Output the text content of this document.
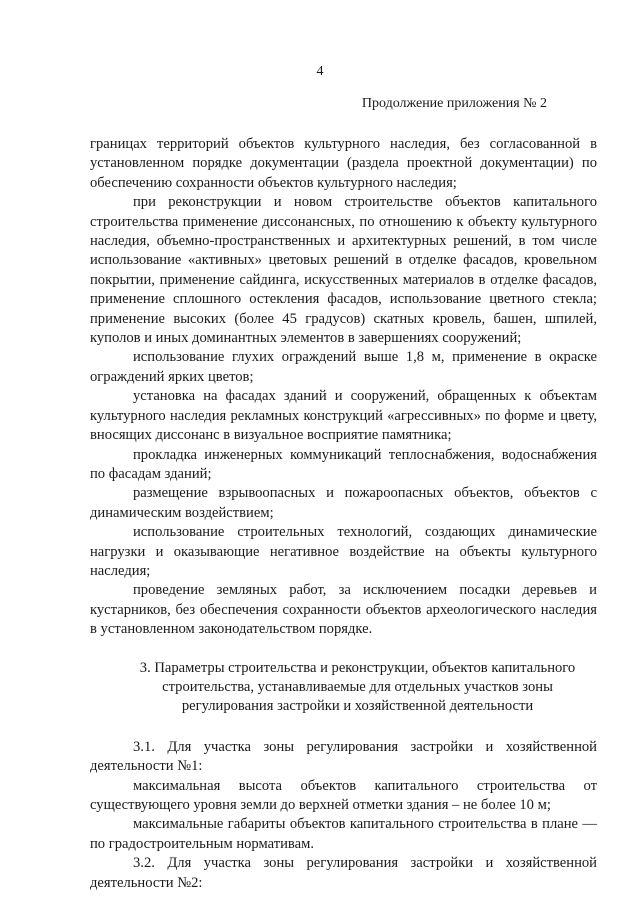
4
Продолжение приложения № 2

границах территорий объектов культурного наследия, без согласованной в установленном порядке документации (раздела проектной документации) по обеспечению сохранности объектов культурного наследия;

при реконструкции и новом строительстве объектов капитального строительства применение диссонансных, по отношению к объекту культурного наследия, объемно-пространственных и архитектурных решений, в том числе использование «активных» цветовых решений в отделке фасадов, кровельном покрытии, применение сайдинга, искусственных материалов в отделке фасадов, применение сплошного остекления фасадов, использование цветного стекла; применение высоких (более 45 градусов) скатных кровель, башен, шпилей, куполов и иных доминантных элементов в завершениях сооружений;

использование глухих ограждений выше 1,8 м, применение в окраске ограждений ярких цветов;

установка на фасадах зданий и сооружений, обращенных к объектам культурного наследия рекламных конструкций «агрессивных» по форме и цвету, вносящих диссонанс в визуальное восприятие памятника;

прокладка инженерных коммуникаций теплоснабжения, водоснабжения по фасадам зданий;

размещение взрывоопасных и пожароопасных объектов, объектов с динамическим воздействием;

использование строительных технологий, создающих динамические нагрузки и оказывающие негативное воздействие на объекты культурного наследия;

проведение земляных работ, за исключением посадки деревьев и кустарников, без обеспечения сохранности объектов археологического наследия в установленном законодательством порядке.

3. Параметры строительства и реконструкции, объектов капитального
строительства, устанавливаемые для отдельных участков зоны
регулирования застройки и хозяйственной деятельности

3.1. Для участка зоны регулирования застройки и хозяйственной деятельности №1:

максимальная высота объектов капитального строительства от существующего уровня земли до верхней отметки здания – не более 10 м;

максимальные габариты объектов капитального строительства в плане — по градостроительным нормативам.

3.2. Для участка зоны регулирования застройки и хозяйственной деятельности №2:
